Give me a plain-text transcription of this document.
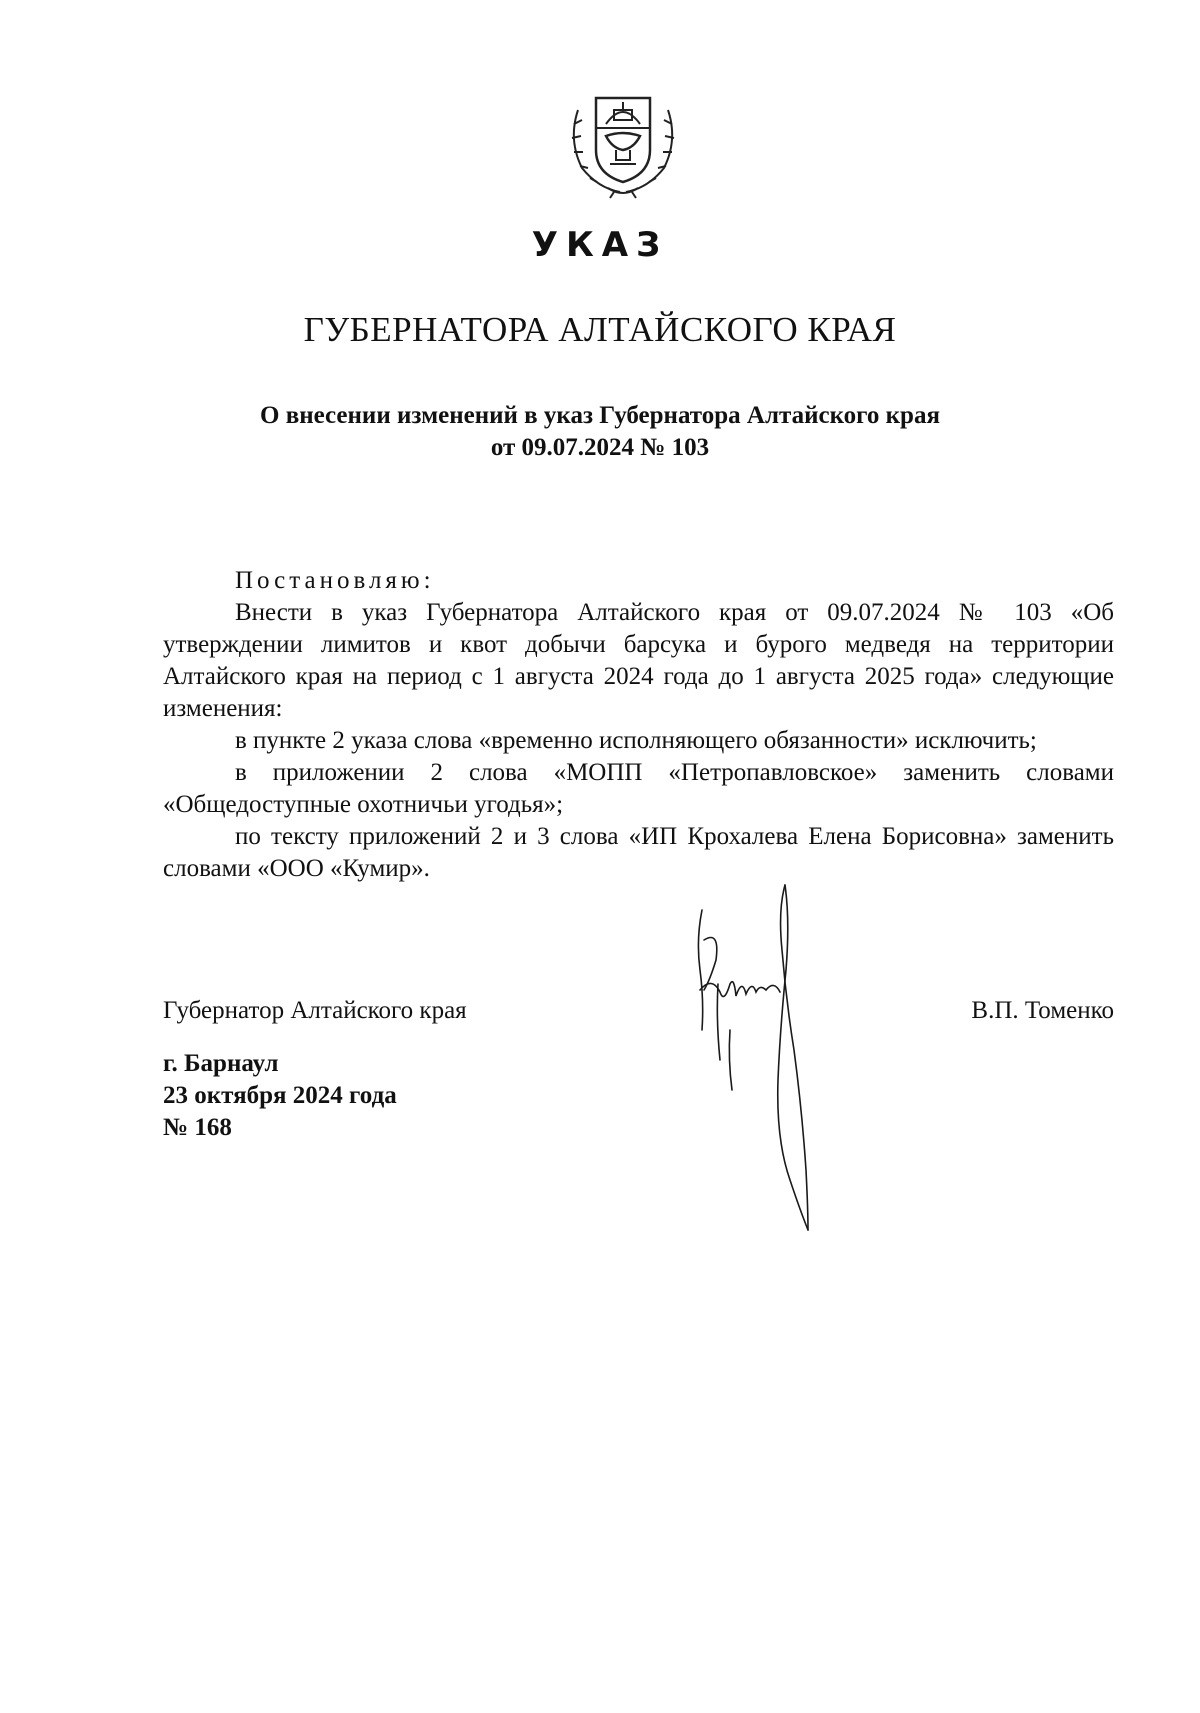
УКАЗ
ГУБЕРНАТОРА АЛТАЙСКОГО КРАЯ
О внесении изменений в указ Губернатора Алтайского края
от 09.07.2024 № 103
Постановляю:

Внести в указ Губернатора Алтайского края от 09.07.2024 № 103 «Об утверждении лимитов и квот добычи барсука и бурого медведя на территории Алтайского края на период с 1 августа 2024 года до 1 августа 2025 года» следующие изменения:

в пункте 2 указа слова «временно исполняющего обязанности» исключить;

в приложении 2 слова «МОПП «Петропавловское» заменить словами «Общедоступные охотничьи угодья»;

по тексту приложений 2 и 3 слова «ИП Крохалева Елена Борисовна» заменить словами «ООО «Кумир».

Губернатор Алтайского края	В.П. Томенко
г. Барнаул
23 октября 2024 года
№ 168
